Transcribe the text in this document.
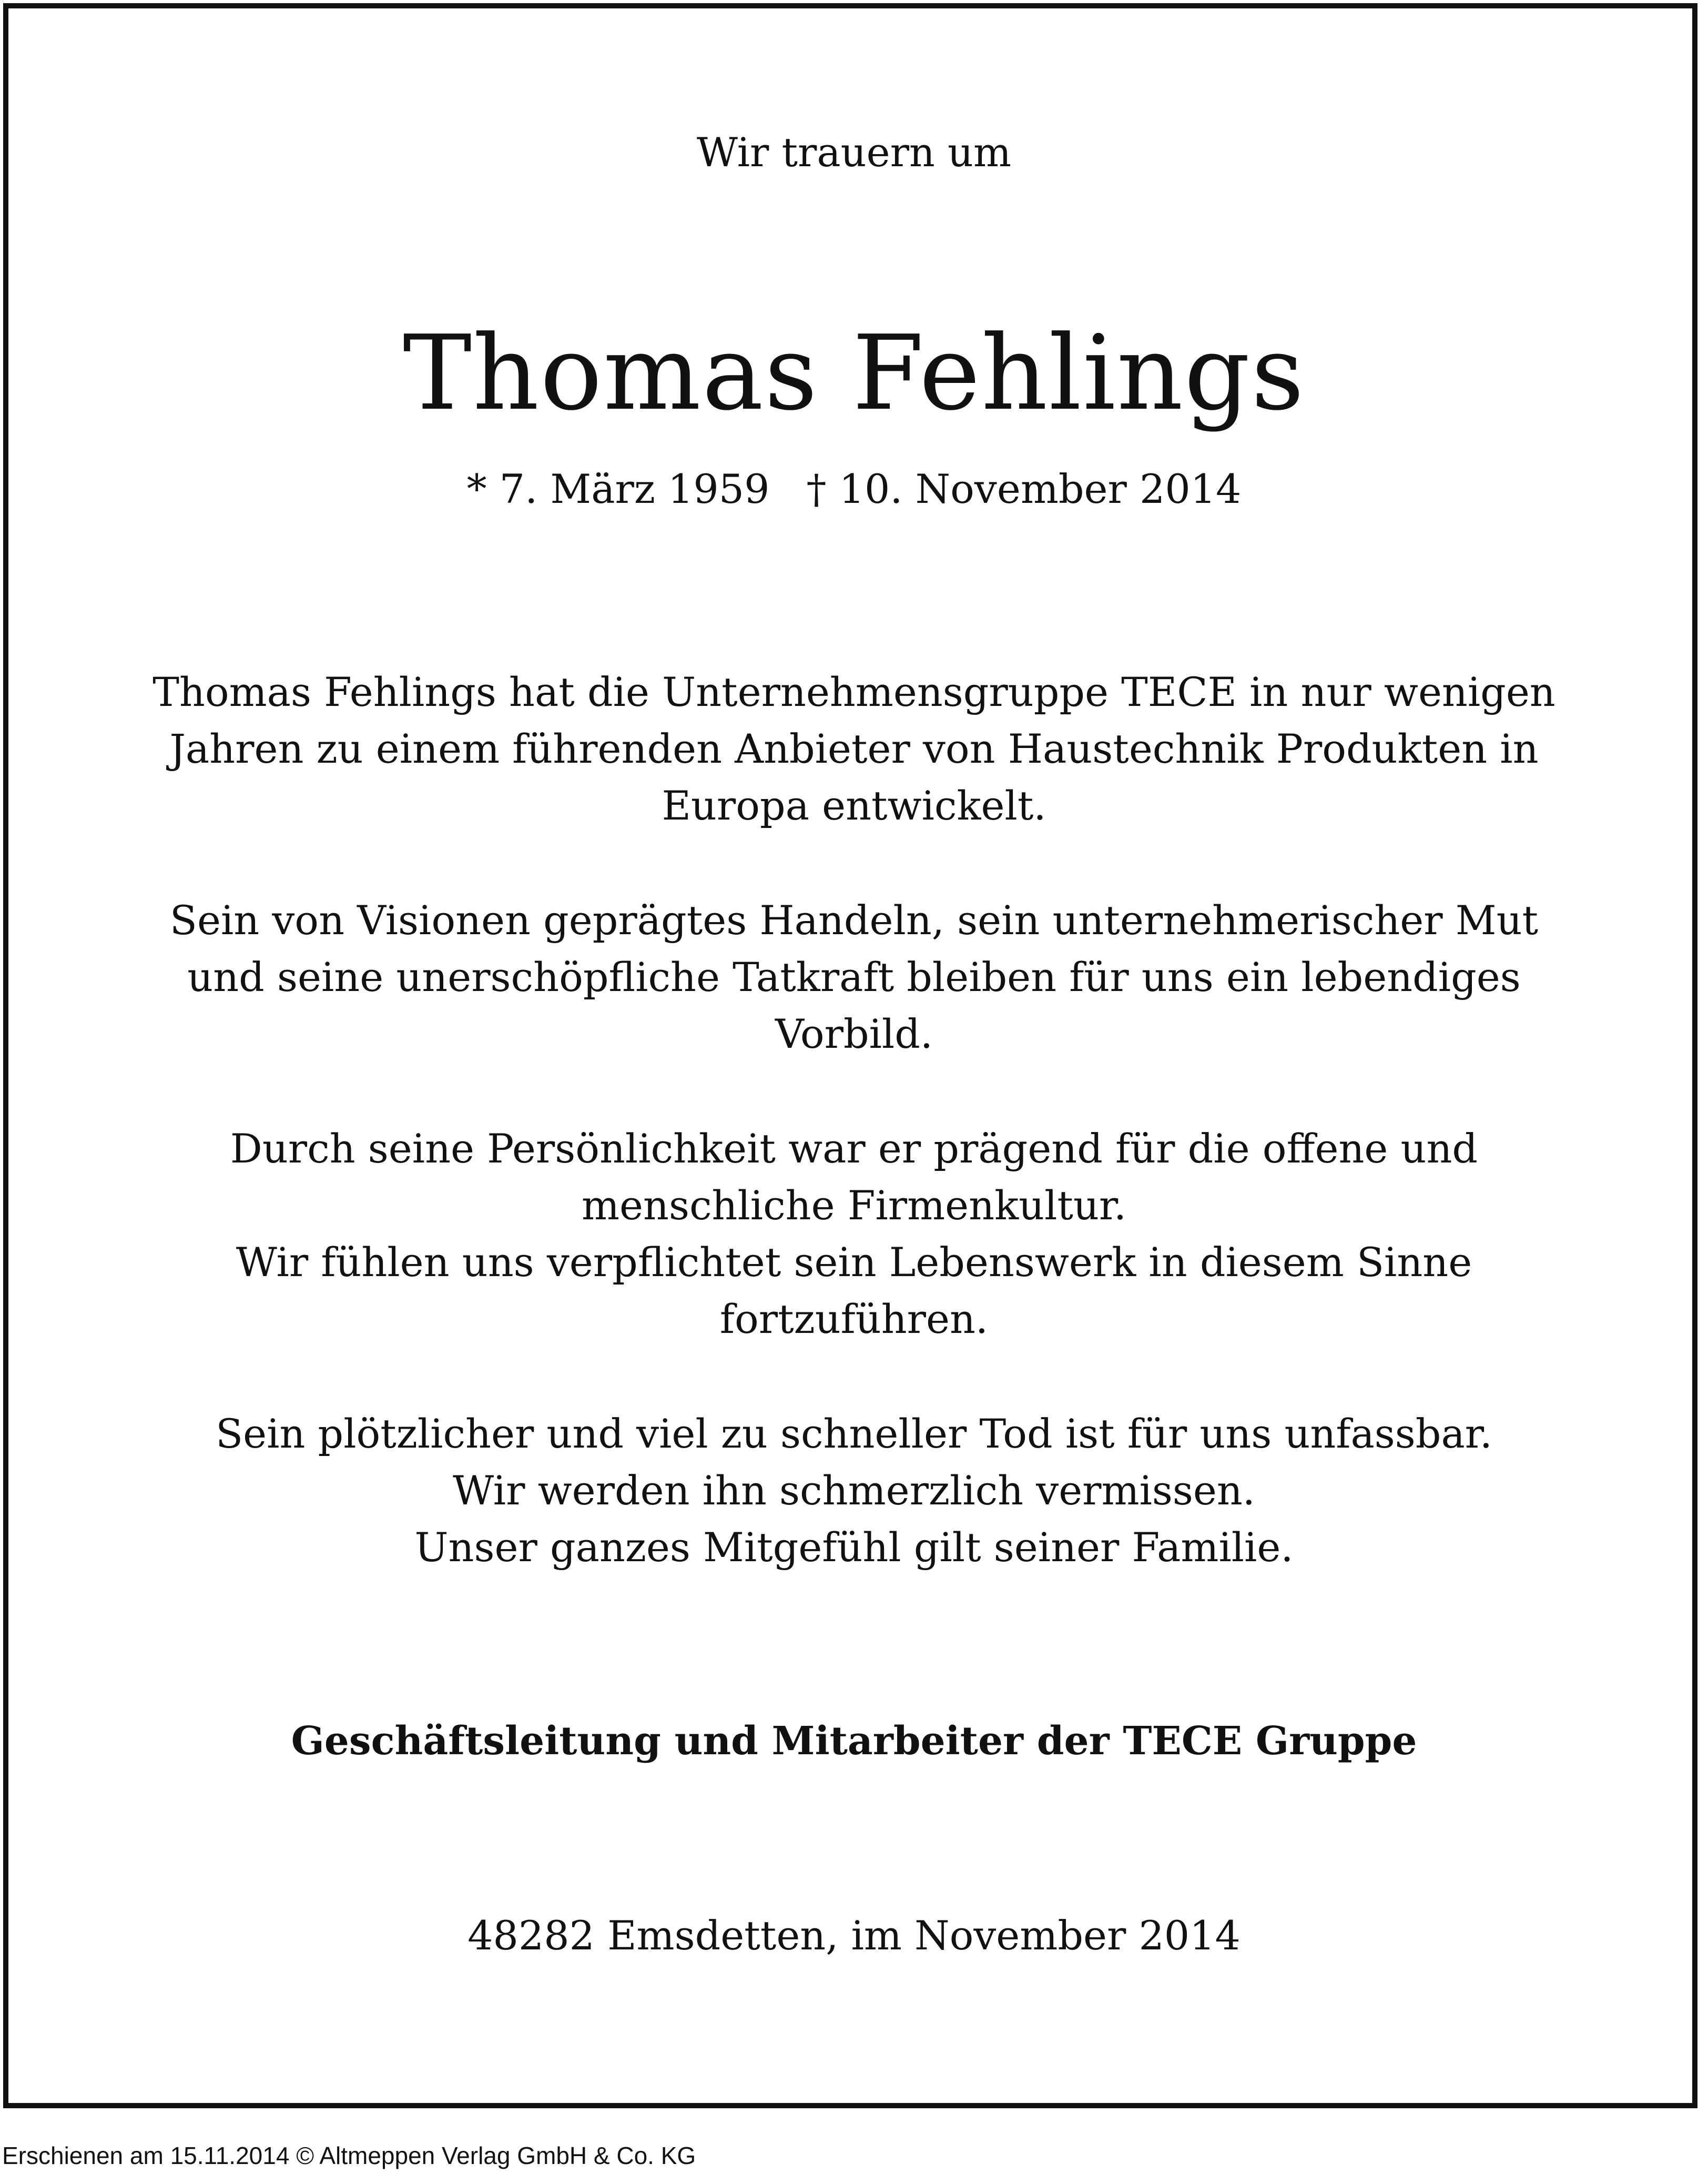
Wir trauern um
Thomas Fehlings
* 7. März 1959 † 10. November 2014
Thomas Fehlings hat die Unternehmensgruppe TECE in nur wenigen
Jahren zu einem führenden Anbieter von Haustechnik Produkten in
Europa entwickelt.
Sein von Visionen geprägtes Handeln, sein unternehmerischer Mut
und seine unerschöpfliche Tatkraft bleiben für uns ein lebendiges
Vorbild.
Durch seine Persönlichkeit war er prägend für die offene und
menschliche Firmenkultur.
Wir fühlen uns verpflichtet sein Lebenswerk in diesem Sinne
fortzuführen.
Sein plötzlicher und viel zu schneller Tod ist für uns unfassbar.
Wir werden ihn schmerzlich vermissen.
Unser ganzes Mitgefühl gilt seiner Familie.
Geschäftsleitung und Mitarbeiter der TECE Gruppe
48282 Emsdetten, im November 2014
Erschienen am 15.11.2014 © Altmeppen Verlag GmbH & Co. KG
